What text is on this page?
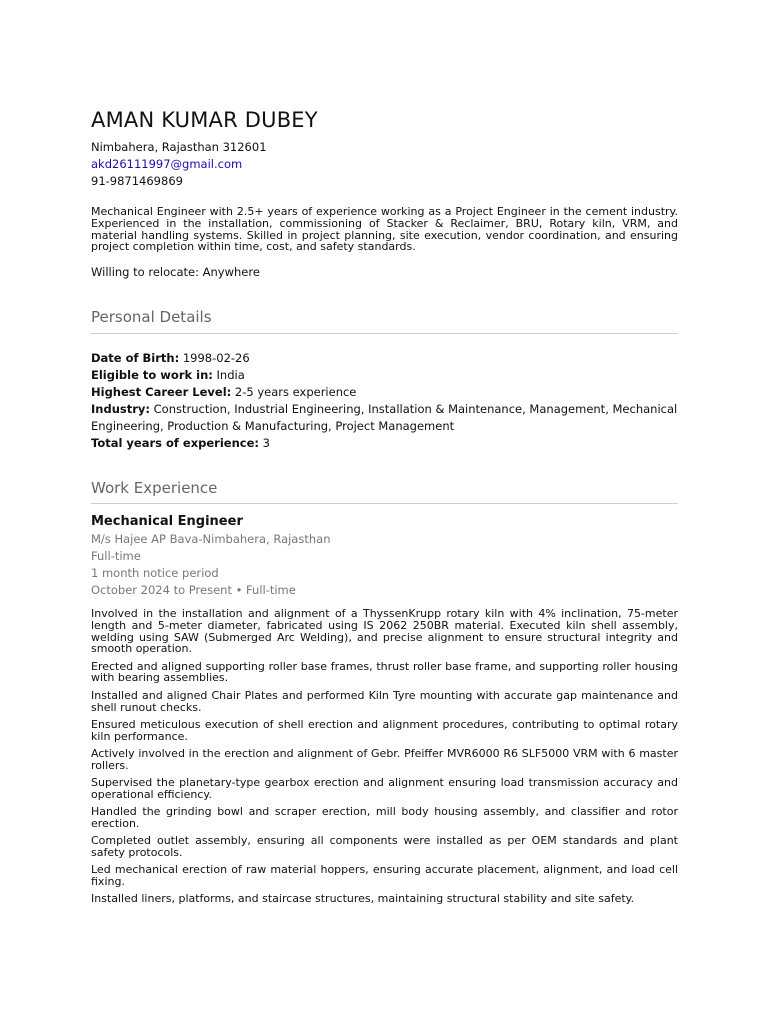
AMAN KUMAR DUBEY
Nimbahera, Rajasthan 312601
akd26111997@gmail.com
91-9871469869
Mechanical Engineer with 2.5+ years of experience working as a Project Engineer in the cement industry. Experienced in the installation, commissioning of Stacker & Reclaimer, BRU, Rotary kiln, VRM, and material handling systems. Skilled in project planning, site execution, vendor coordination, and ensuring project completion within time, cost, and safety standards.
Willing to relocate: Anywhere
Personal Details
Date of Birth: 1998-02-26
Eligible to work in: India
Highest Career Level: 2-5 years experience
Industry: Construction, Industrial Engineering, Installation & Maintenance, Management, Mechanical Engineering, Production & Manufacturing, Project Management
Total years of experience: 3
Work Experience
Mechanical Engineer
M/s Hajee AP Bava-Nimbahera, Rajasthan
Full-time
1 month notice period
October 2024 to Present • Full-time

Involved in the installation and alignment of a ThyssenKrupp rotary kiln with 4% inclination, 75-meter length and 5-meter diameter, fabricated using IS 2062 250BR material. Executed kiln shell assembly, welding using SAW (Submerged Arc Welding), and precise alignment to ensure structural integrity and smooth operation.

Erected and aligned supporting roller base frames, thrust roller base frame, and supporting roller housing with bearing assemblies.

Installed and aligned Chair Plates and performed Kiln Tyre mounting with accurate gap maintenance and shell runout checks.

Ensured meticulous execution of shell erection and alignment procedures, contributing to optimal rotary kiln performance.

Actively involved in the erection and alignment of Gebr. Pfeiffer MVR6000 R6 SLF5000 VRM with 6 master rollers.

Supervised the planetary-type gearbox erection and alignment ensuring load transmission accuracy and operational efficiency.

Handled the grinding bowl and scraper erection, mill body housing assembly, and classifier and rotor erection.

Completed outlet assembly, ensuring all components were installed as per OEM standards and plant safety protocols.

Led mechanical erection of raw material hoppers, ensuring accurate placement, alignment, and load cell fixing.

Installed liners, platforms, and staircase structures, maintaining structural stability and site safety.
